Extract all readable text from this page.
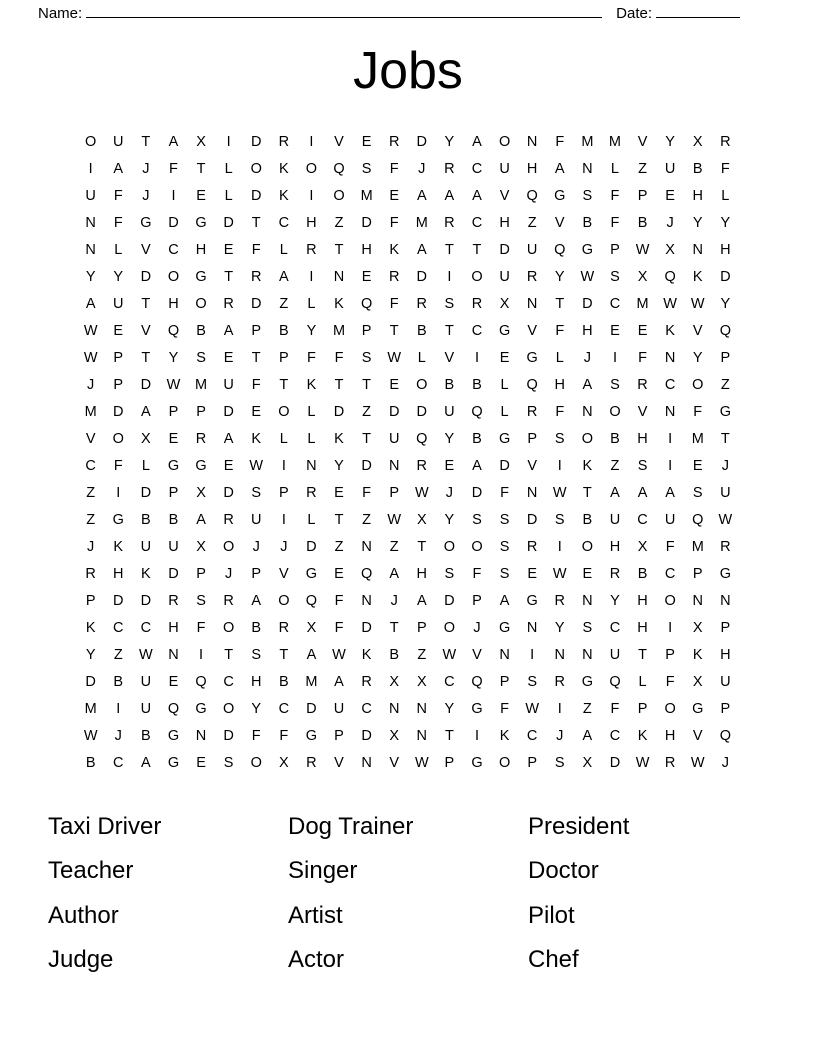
Name:	Date:
Jobs
O	U	T	A	X	I	D	R	I	V	E	R	D	Y	A	O	N	F	M	M	V	Y	X	R
I	A	J	F	T	L	O	K	O	Q	S	F	J	R	C	U	H	A	N	L	Z	U	B	F
U	F	J	I	E	L	D	K	I	O	M	E	A	A	A	V	Q	G	S	F	P	E	H	L
N	F	G	D	G	D	T	C	H	Z	D	F	M	R	C	H	Z	V	B	F	B	J	Y	Y
N	L	V	C	H	E	F	L	R	T	H	K	A	T	T	D	U	Q	G	P	W	X	N	H
Y	Y	D	O	G	T	R	A	I	N	E	R	D	I	O	U	R	Y	W	S	X	Q	K	D
A	U	T	H	O	R	D	Z	L	K	Q	F	R	S	R	X	N	T	D	C	M	W	W	Y
W	E	V	Q	B	A	P	B	Y	M	P	T	B	T	C	G	V	F	H	E	E	K	V	Q
W	P	T	Y	S	E	T	P	F	F	S	W	L	V	I	E	G	L	J	I	F	N	Y	P
J	P	D	W	M	U	F	T	K	T	T	E	O	B	B	L	Q	H	A	S	R	C	O	Z
M	D	A	P	P	D	E	O	L	D	Z	D	D	U	Q	L	R	F	N	O	V	N	F	G
V	O	X	E	R	A	K	L	L	K	T	U	Q	Y	B	G	P	S	O	B	H	I	M	T
C	F	L	G	G	E	W	I	N	Y	D	N	R	E	A	D	V	I	K	Z	S	I	E	J
Z	I	D	P	X	D	S	P	R	E	F	P	W	J	D	F	N	W	T	A	A	A	S	U
Z	G	B	B	A	R	U	I	L	T	Z	W	X	Y	S	S	D	S	B	U	C	U	Q	W
J	K	U	U	X	O	J	J	D	Z	N	Z	T	O	O	S	R	I	O	H	X	F	M	R
R	H	K	D	P	J	P	V	G	E	Q	A	H	S	F	S	E	W	E	R	B	C	P	G
P	D	D	R	S	R	A	O	Q	F	N	J	A	D	P	A	G	R	N	Y	H	O	N	N
K	C	C	H	F	O	B	R	X	F	D	T	P	O	J	G	N	Y	S	C	H	I	X	P
Y	Z	W	N	I	T	S	T	A	W	K	B	Z	W	V	N	I	N	N	U	T	P	K	H
D	B	U	E	Q	C	H	B	M	A	R	X	X	C	Q	P	S	R	G	Q	L	F	X	U
M	I	U	Q	G	O	Y	C	D	U	C	N	N	Y	G	F	W	I	Z	F	P	O	G	P
W	J	B	G	N	D	F	F	G	P	D	X	N	T	I	K	C	J	A	C	K	H	V	Q
B	C	A	G	E	S	O	X	R	V	N	V	W	P	G	O	P	S	X	D	W	R	W	J
Taxi Driver	Dog Trainer	President
Teacher	Singer	Doctor
Author	Artist	Pilot
Judge	Actor	Chef
